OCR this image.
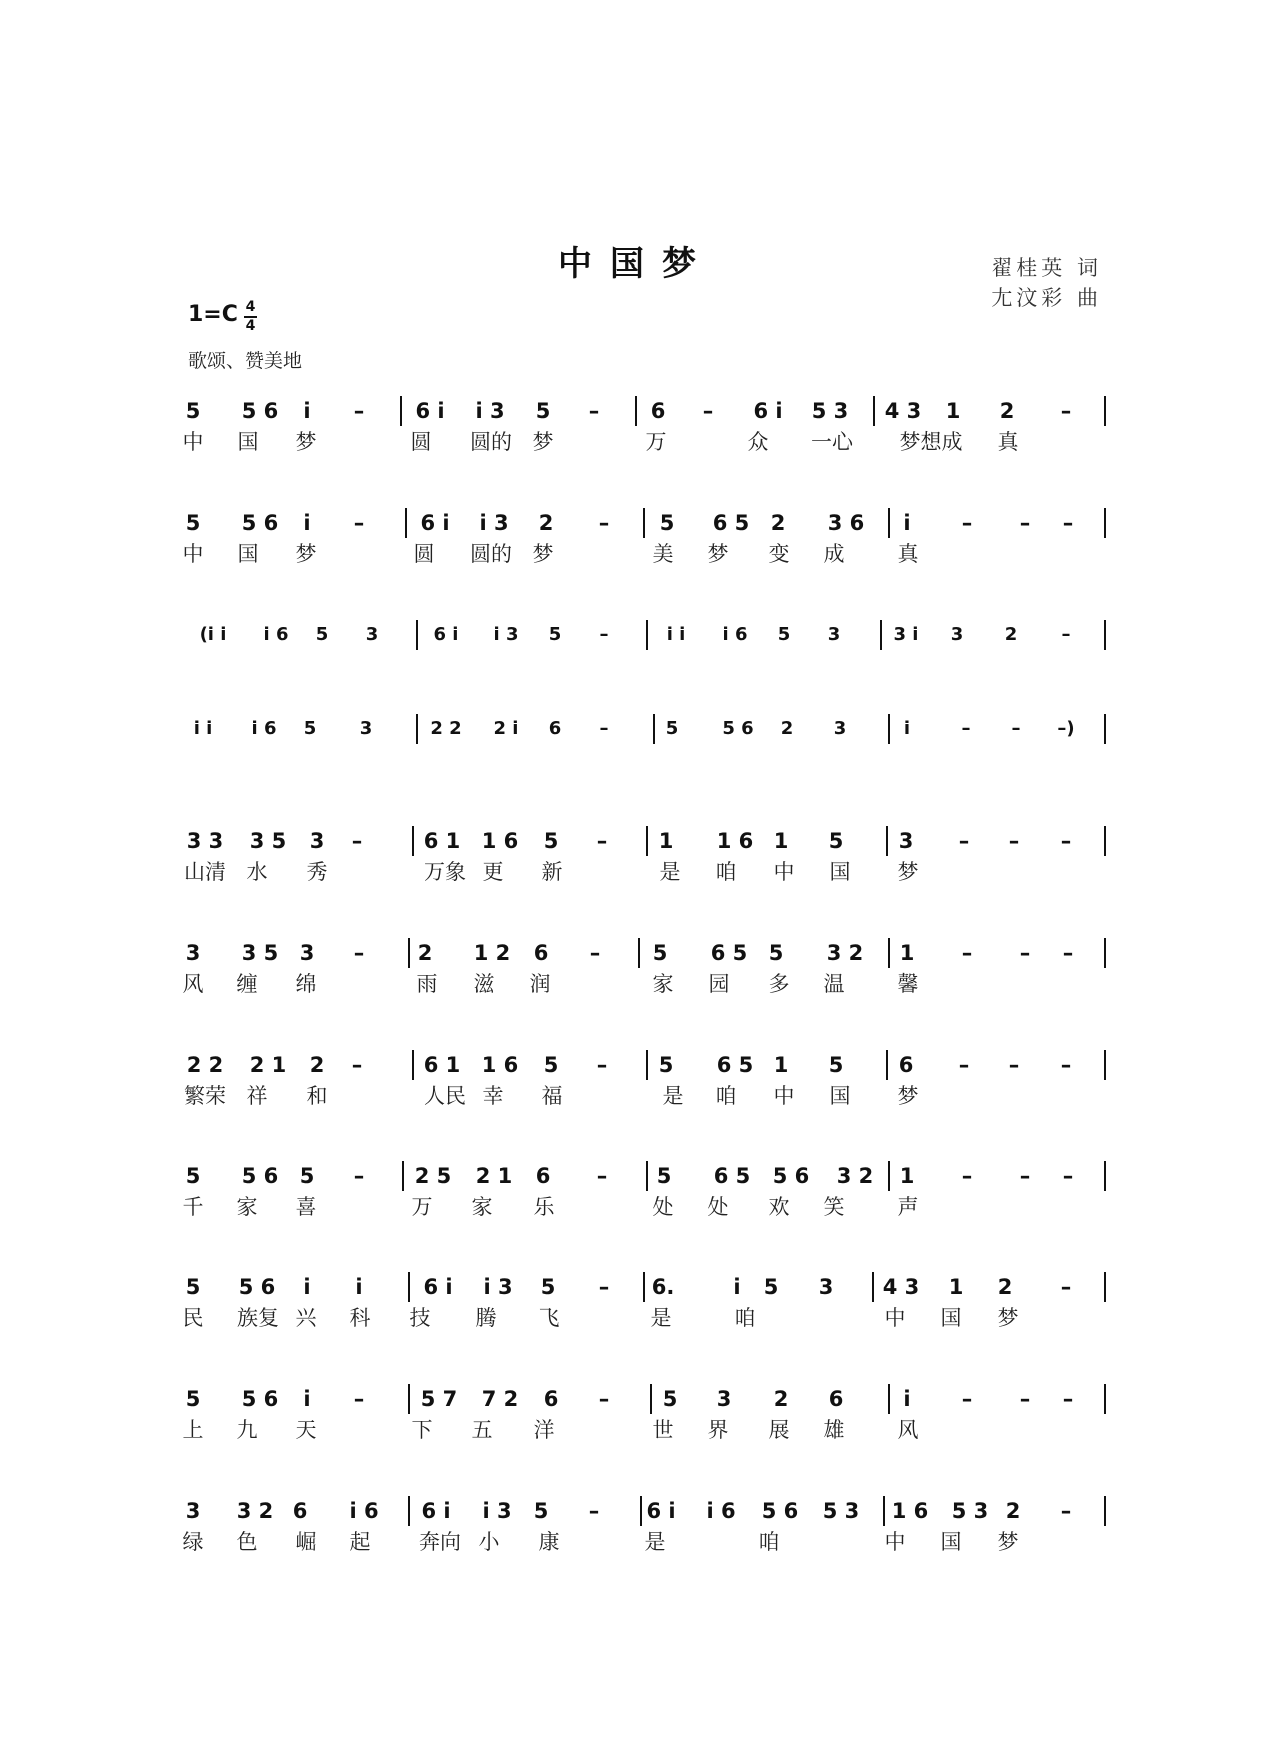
中国梦	翟桂英 词
尢汶彩 曲
1=C 4
4
歌颂、赞美地
5 5 6 i – 6 i i 3 5 – 6 – 6 i 5 3 4 3 1 2 –
中 国 梦	圆 圆的 梦	万	众 一心 梦想成 真
5 5 6 i –	6 i i 3 2 – 5 6 5 2 3 6 i – – –
中 国 梦	圆 圆的 梦	美 梦 变 成	真
(i i i 6 5 3	6 i i 3 5 –	i i i 6 5 3	3 i 3 2 –
i i i 6 5 3	2 2 2 i 6 –	5 5 6 2 3	i	– – –)
3 3 3 5 3 –	6 1 1 6 5 – 1 1 6 1 5	3 – – –
山清 水 秀	万象 更 新	是 咱 中 国 梦
3 3 5 3 –	2 1 2 6 – 5 6 5 5 3 2 1 – – –
风 缠 绵	雨 滋 润	家 园 多 温	馨
2 2 2 1 2 –	6 1 1 6 5 – 5 6 5 1 5	6 – – –
繁荣 祥 和	人民 幸 福	是 咱 中 国 梦
5 5 6 5 – 2 5 2 1 6 – 5 6 5 5 6 3 2 1 – – –
千 家 喜	万 家 乐	处 处 欢 笑	声
5 5 6 i i	6 i i 3 5 – 6.	i 5 3 4 3 1 2 –
民 族复 兴 科 技 腾 飞	是	咱	中 国 梦
5 5 6 i –	5 7 7 2 6 –	5 3 2 6	i – – –
上 九 天	下 五 洋	世 界 展 雄	风
3 3 2 6 i 6 6 i i 3 5 – 6 i i 6 5 6 5 3 1 6 5 3 2 –
绿 色 崛 起 奔向 小 康	是	咱	中 国 梦
